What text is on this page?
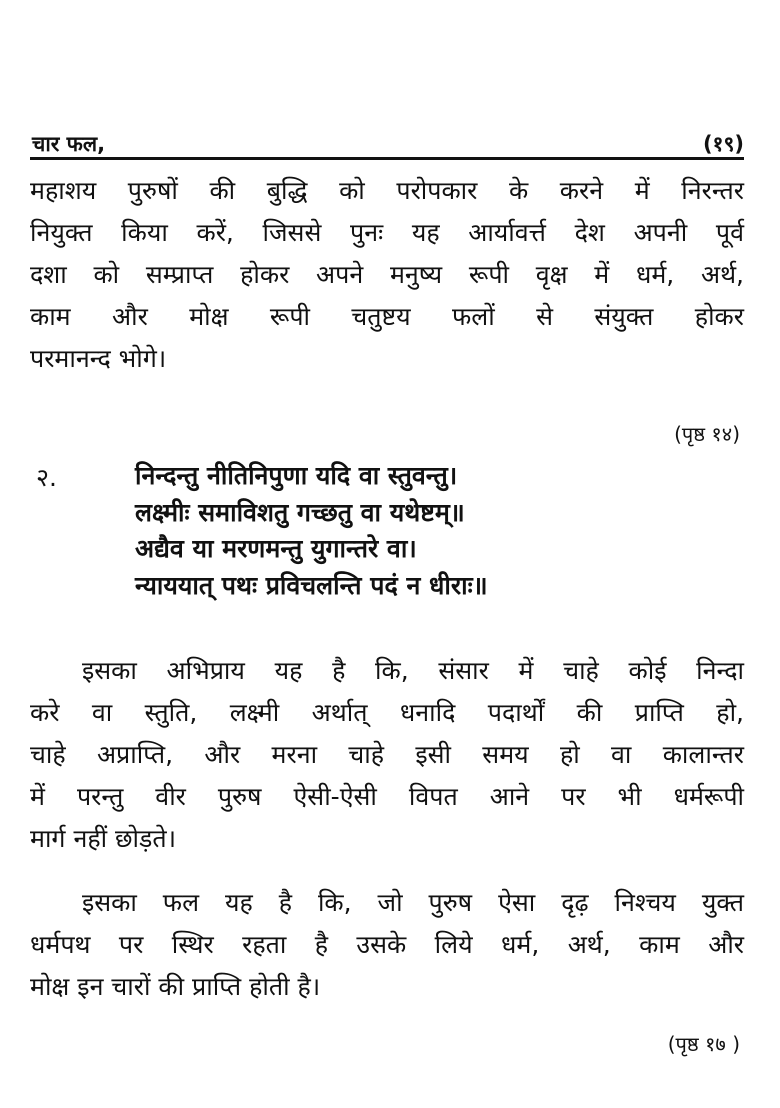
चार फल,	(१९)
महाशय पुरुषों की बुद्धि को परोपकार के करने में निरन्तर
नियुक्त किया करें, जिससे पुनः यह आर्यावर्त्त देश अपनी पूर्व
दशा को सम्प्राप्त होकर अपने मनुष्य रूपी वृक्ष में धर्म, अर्थ,
काम और मोक्ष रूपी चतुष्टय फलों से संयुक्त होकर
परमानन्द भोगे।
(पृष्ठ १४)
२.	निन्दन्तु नीतिनिपुणा यदि वा स्तुवन्तु।
लक्ष्मीः समाविशतु गच्छतु वा यथेष्टम्॥
अद्यैव या मरणमन्तु युगान्तरे वा।
न्याययात् पथः प्रविचलन्ति पदं न धीराः॥
इसका अभिप्राय यह है कि, संसार में चाहे कोई निन्दा
करे वा स्तुति, लक्ष्मी अर्थात् धनादि पदार्थों की प्राप्ति हो,
चाहे अप्राप्ति, और मरना चाहे इसी समय हो वा कालान्तर
में परन्तु वीर पुरुष ऐसी-ऐसी विपत आने पर भी धर्मरूपी
मार्ग नहीं छोड़ते।
इसका फल यह है कि, जो पुरुष ऐसा दृढ़ निश्चय युक्त
धर्मपथ पर स्थिर रहता है उसके लिये धर्म, अर्थ, काम और
मोक्ष इन चारों की प्राप्ति होती है।
(पृष्ठ १७ )
